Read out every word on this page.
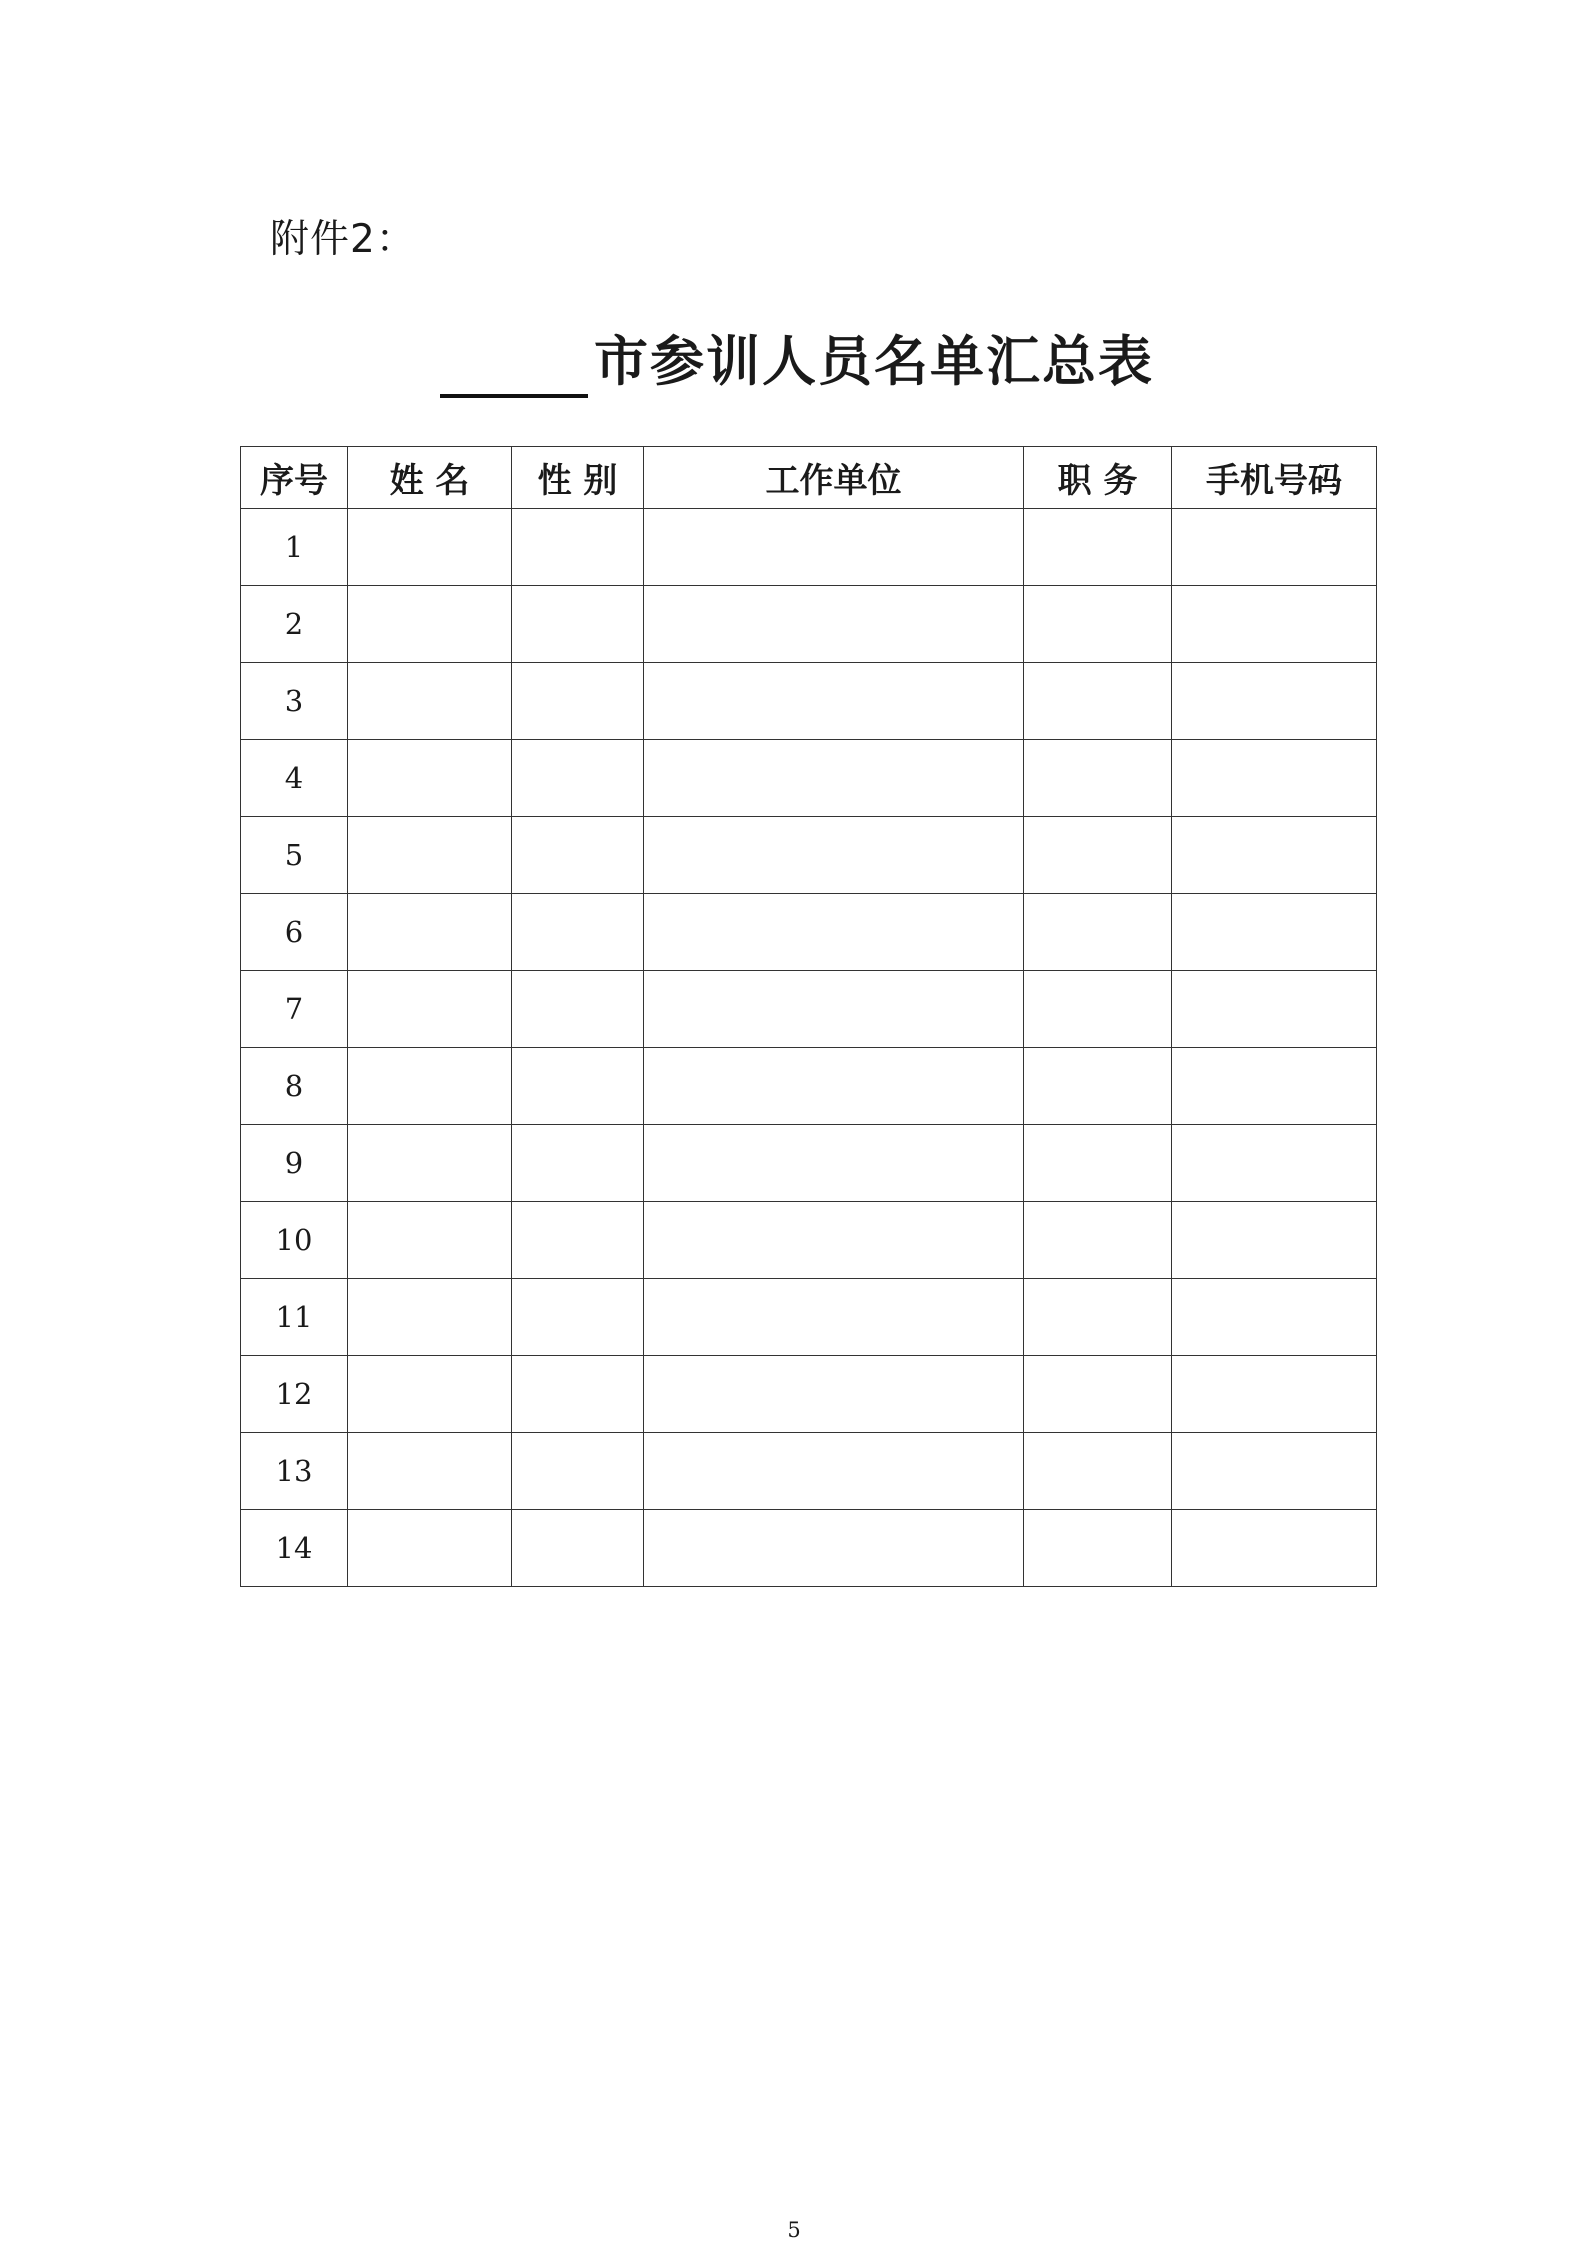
附件2：
市参训人员名单汇总表
序号	姓 名	性 别	工作单位	职 务	手机号码
1					
2					
3					
4					
5					
6					
7					
8					
9					
10					
11					
12					
13					
14					
5
